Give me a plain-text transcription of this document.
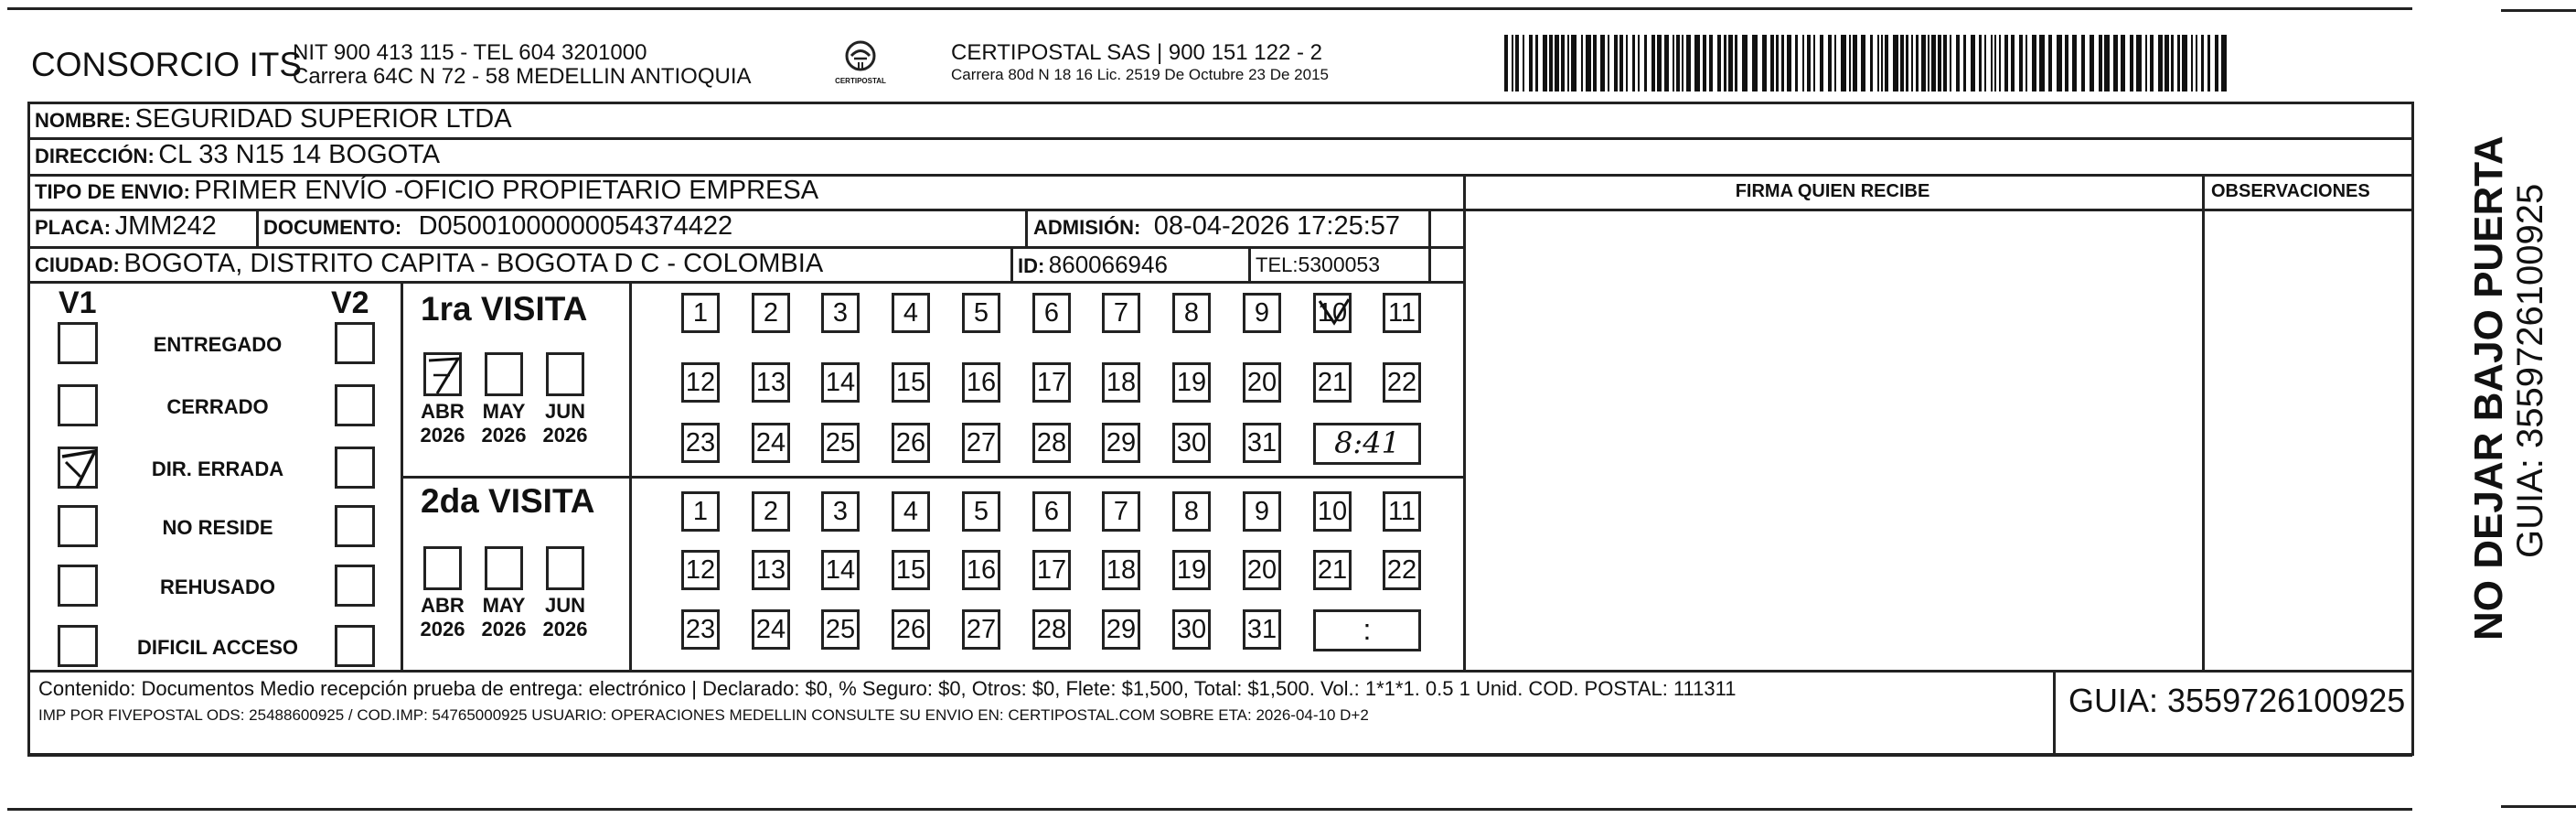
CONSORCIO ITS
NIT 900 413 115 - TEL 604 3201000
Carrera 64C N 72 - 58 MEDELLIN ANTIOQUIA	CERTIPOSTAL
CERTIPOSTAL SAS | 900 151 122 - 2
Carrera 80d N 18 16 Lic. 2519 De Octubre 23 De 2015
NOMBRE: SEGURIDAD SUPERIOR LTDA
DIRECCIÓN: CL 33 N15 14 BOGOTA
TIPO DE ENVIO: PRIMER ENVÍO -OFICIO PROPIETARIO EMPRESA
PLACA: JMM242 DOCUMENTO: D05001000000054374422	ADMISIÓN: 08-04-2026 17:25:57
CIUDAD: BOGOTA, DISTRITO CAPITA - BOGOTA D C - COLOMBIA	ID: 860066946	TEL:5300053
FIRMA QUIEN RECIBE	OBSERVACIONES
V1	V2
ENTREGADO
CERRADO
DIR. ERRADA
NO RESIDE
REHUSADO
DIFICIL ACCESO
1ra VISITA
2da VISITA
ABR
2026
MAY
2026
JUN
2026
ABR
2026
MAY
2026
JUN
2026
1	2	3	4	5	6	7	8	9	10 11
12 13 14 15 16 17 18 19 20 21 22
23 24 25 26 27 28 29 30 31	8:41
1	2	3	4	5	6	7	8	9	10 11
12 13 14 15 16 17 18 19 20 21 22
23 24 25 26 27 28 29 30 31	:
Contenido: Documentos Medio recepción prueba de entrega: electrónico | Declarado: $0, % Seguro: $0, Otros: $0, Flete: $1,500, Total: $1,500. Vol.: 1*1*1. 0.5 1 Unid. COD. POSTAL: 111311
IMP POR FIVEPOSTAL ODS: 25488600925 / COD.IMP: 54765000925 USUARIO: OPERACIONES MEDELLIN CONSULTE SU ENVIO EN: CERTIPOSTAL.COM SOBRE ETA: 2026-04-10 D+2	GUIA: 3559726100925
NO DEJAR BAJO PUERTA GUIA: 3559726100925
